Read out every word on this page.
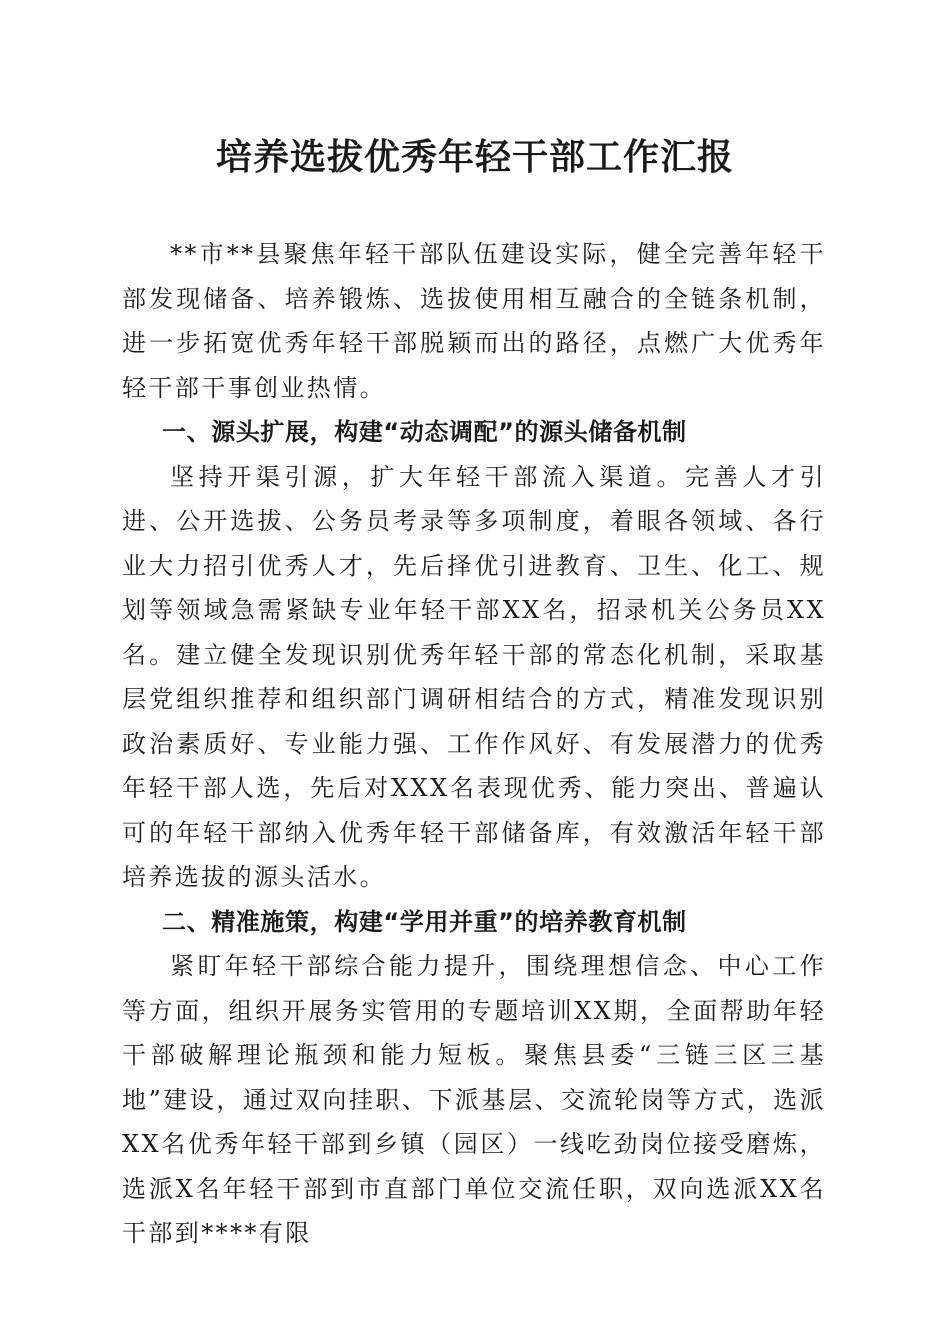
培养选拔优秀年轻干部工作汇报

**市**县聚焦年轻干部队伍建设实际，健全完善年轻干部发现储备、培养锻炼、选拔使用相互融合的全链条机制，进一步拓宽优秀年轻干部脱颖而出的路径，点燃广大优秀年轻干部干事创业热情。

一、源头扩展，构建“动态调配”的源头储备机制

坚持开渠引源，扩大年轻干部流入渠道。完善人才引进、公开选拔、公务员考录等多项制度，着眼各领域、各行业大力招引优秀人才，先后择优引进教育、卫生、化工、规划等领域急需紧缺专业年轻干部XX名，招录机关公务员XX名。建立健全发现识别优秀年轻干部的常态化机制，采取基层党组织推荐和组织部门调研相结合的方式，精准发现识别政治素质好、专业能力强、工作作风好、有发展潜力的优秀年轻干部人选，先后对XXX名表现优秀、能力突出、普遍认可的年轻干部纳入优秀年轻干部储备库，有效激活年轻干部培养选拔的源头活水。

二、精准施策，构建“学用并重”的培养教育机制

紧盯年轻干部综合能力提升，围绕理想信念、中心工作等方面，组织开展务实管用的专题培训XX期，全面帮助年轻干部破解理论瓶颈和能力短板。聚焦县委“三链三区三基地”建设，通过双向挂职、下派基层、交流轮岗等方式，选派XX名优秀年轻干部到乡镇（园区）一线吃劲岗位接受磨炼，选派X名年轻干部到市直部门单位交流任职，双向选派XX名干部到****有限
